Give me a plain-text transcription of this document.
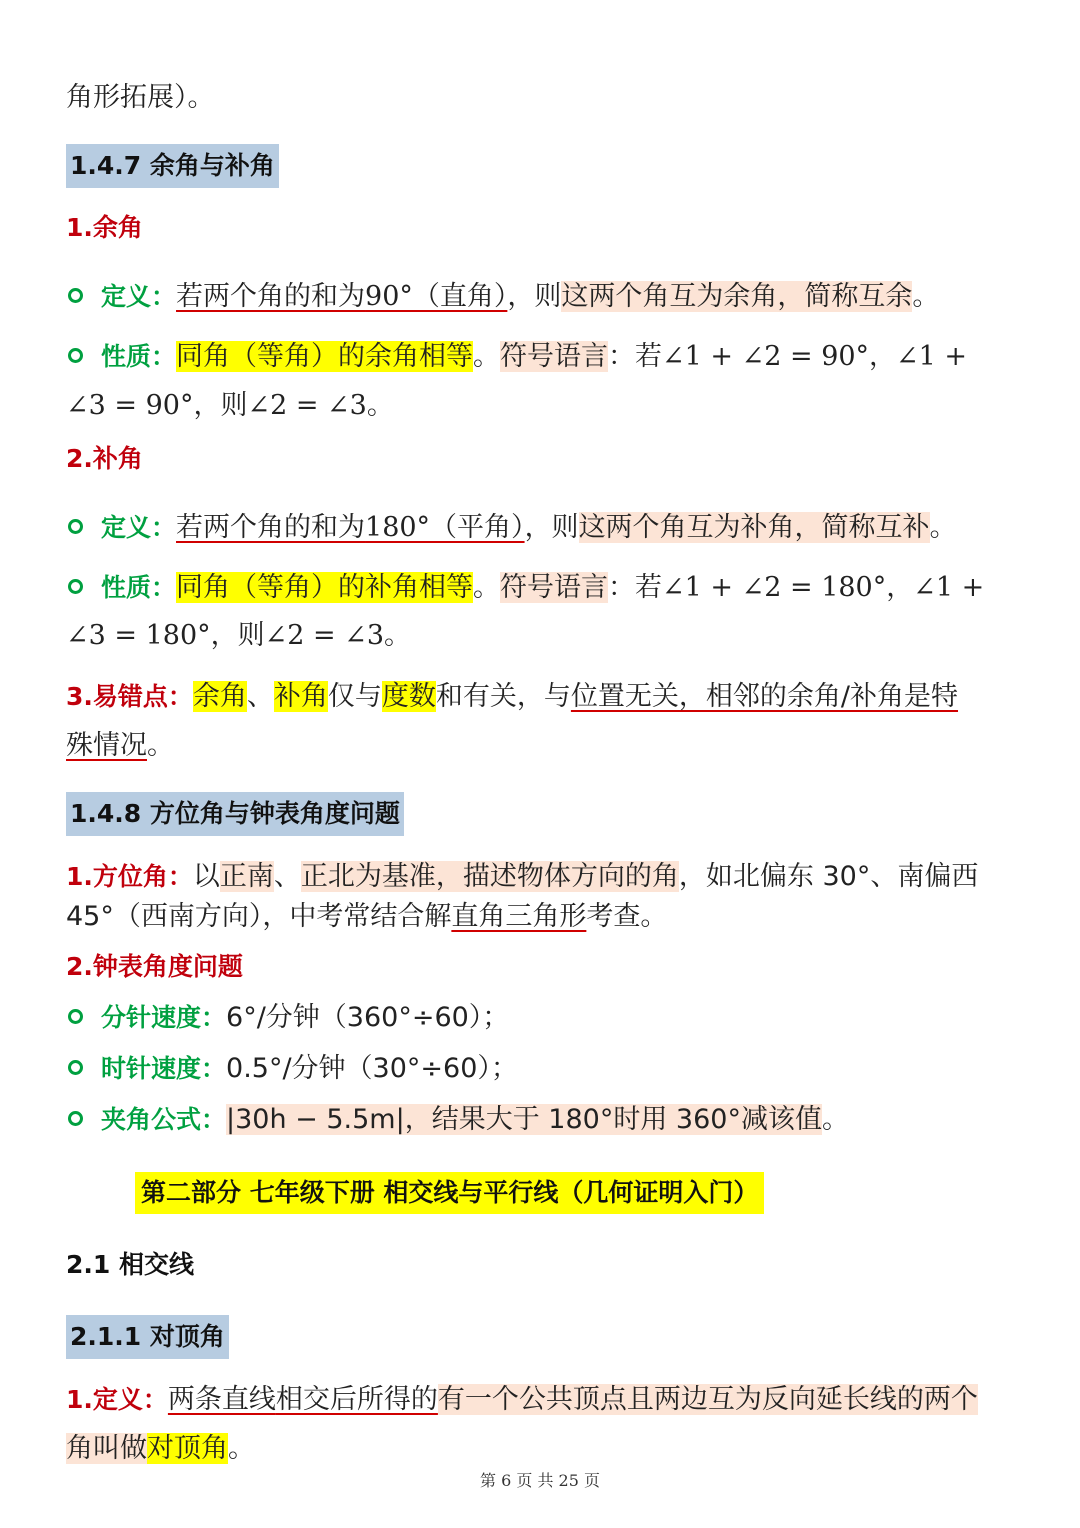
角形拓展）。
1.4.7 余角与补角
1.余角
定义：若两个角的和为90°（直角），则这两个角互为余角，简称互余。
性质：同角（等角）的余角相等。符号语言：若∠1 + ∠2 = 90°，∠1 +
∠3 = 90°，则∠2 = ∠3。
2.补角
定义：若两个角的和为180°（平角），则这两个角互为补角，简称互补。
性质：同角（等角）的补角相等。符号语言：若∠1 + ∠2 = 180°，∠1 +
∠3 = 180°，则∠2 = ∠3。
3.易错点：余角、补角仅与度数和有关，与位置无关，相邻的余角/补角是特
殊情况。
1.4.8 方位角与钟表角度问题
1.方位角：以正南、正北为基准，描述物体方向的角，如北偏东 30°、南偏西
45°（西南方向），中考常结合解直角三角形考查。
2.钟表角度问题
分针速度：6°/分钟（360°÷60）；
时针速度：0.5°/分钟（30°÷60）；
夹角公式：|30h − 5.5m|，结果大于 180°时用 360°减该值。
2.1 相交线
2.1.1 对顶角
1.定义：两条直线相交后所得的有一个公共顶点且两边互为反向延长线的两个
角叫做对顶角。
第二部分 七年级下册 相交线与平行线（几何证明入门）
第 6 页 共 25 页
